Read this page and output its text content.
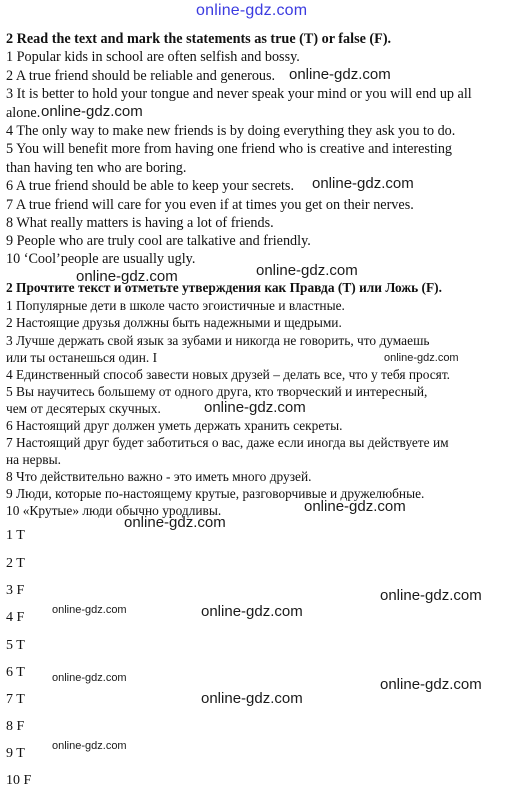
online-gdz.com
2 Read the text and mark the statements as true (T) or false (F).
1 Popular kids in school are often selfish and bossy.
2 A true friend should be reliable and generous.
3 It is better to hold your tongue and never speak your mind or you will end up all
alone.
4 The only way to make new friends is by doing everything they ask you to do.
5 You will benefit more from having one friend who is creative and interesting
than having ten who are boring.
6 A true friend should be able to keep your secrets.
7 A true friend will care for you even if at times you get on their nerves.
8 What really matters is having a lot of friends.
9 People who are truly cool are talkative and friendly.
10 ‘Cool’people are usually ugly.
2 Прочтите текст и отметьте утверждения как Правда (Т) или Ложь (F).
1 Популярные дети в школе часто эгоистичные и властные.
2 Настоящие друзья должны быть надежными и щедрыми.
3 Лучше держать свой язык за зубами и никогда не говорить, что думаешь
или ты останешься один. I
4 Единственный способ завести новых друзей – делать все, что у тебя просят.
5 Вы научитесь большему от одного друга, кто творческий и интересный,
чем от десятерых скучных.
6 Настоящий друг должен уметь держать хранить секреты.
7 Настоящий друг будет заботиться о вас, даже если иногда вы действуете им
на нервы.
8 Что действительно важно - это иметь много друзей.
9 Люди, которые по-настоящему крутые, разговорчивые и дружелюбные.
10 «Крутые» люди обычно уродливы.
1 T
2 T
3 F
4 F
5 T
6 T
7 T
8 F
9 T
10 F
online-gdz.com
online-gdz.com
online-gdz.com
online-gdz.com
online-gdz.com
online-gdz.com
online-gdz.com
online-gdz.com
online-gdz.com
online-gdz.com
online-gdz.com	online-gdz.com
online-gdz.com	online-gdz.com
online-gdz.com
online-gdz.com
